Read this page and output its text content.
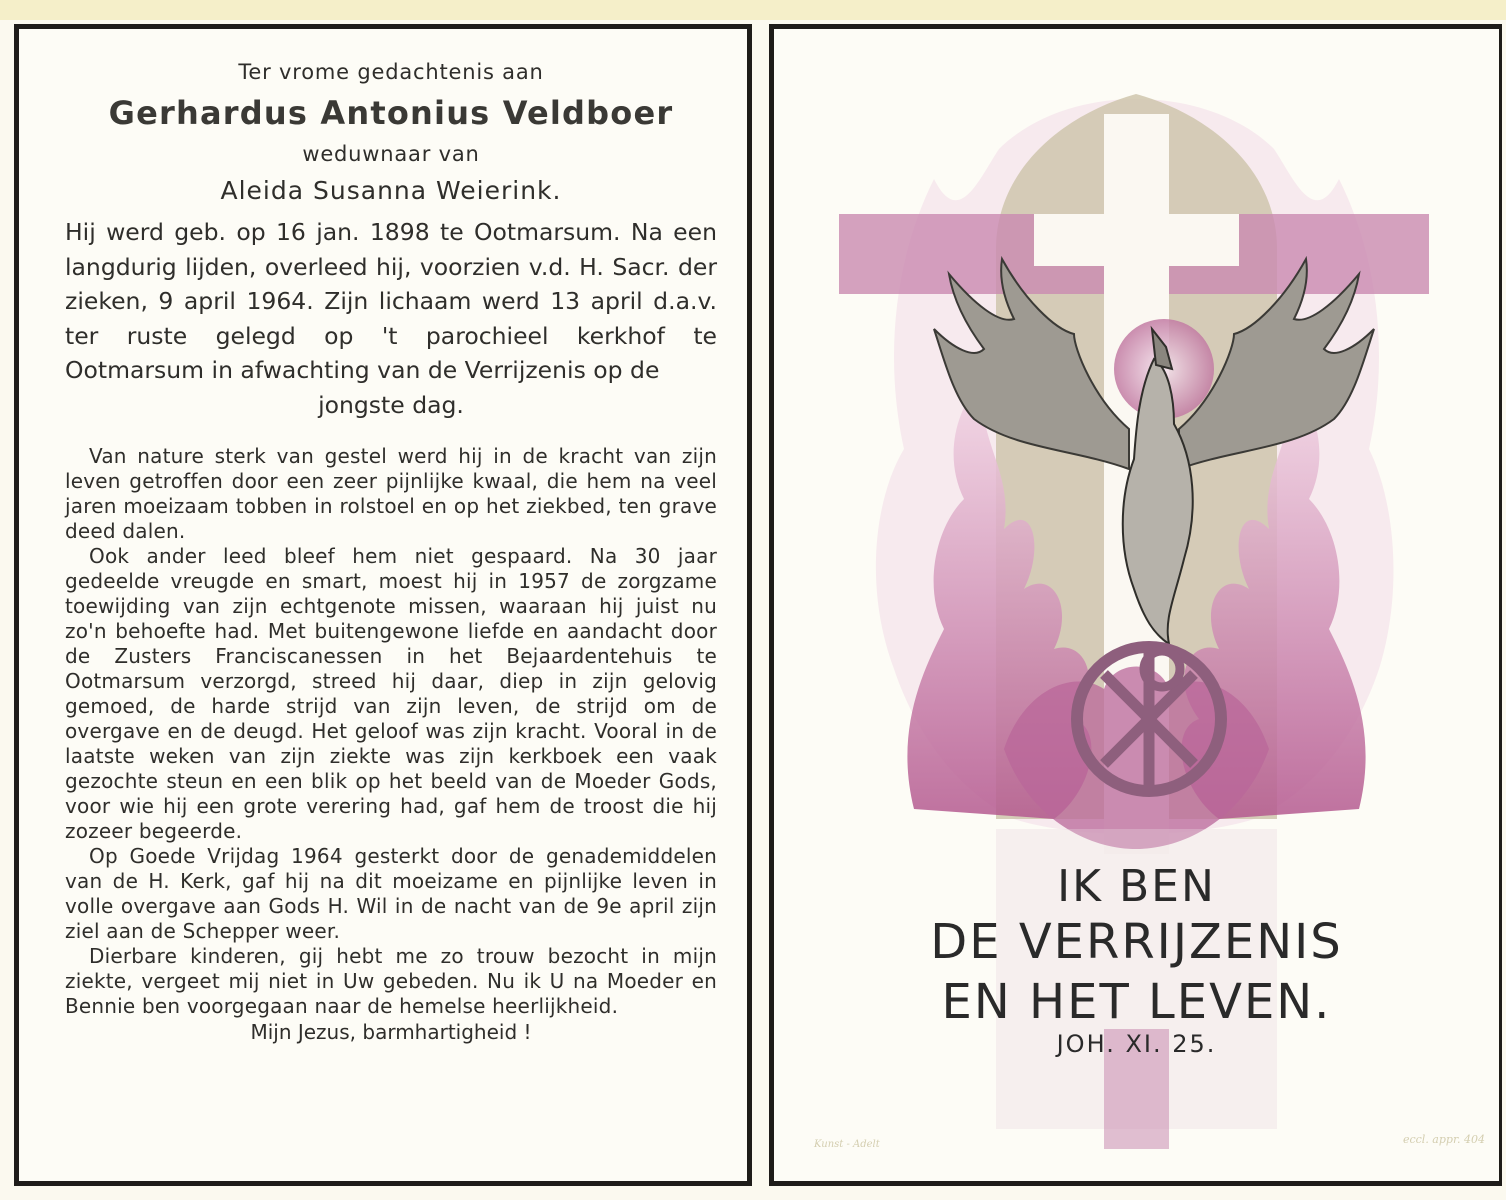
Ter vrome gedachtenis aan

Gerhardus Antonius Veldboer

weduwnaar van

Aleida Susanna Weierink.

Hij werd geb. op 16 jan. 1898 te Ootmarsum. Na een langdurig lijden, overleed hij, voorzien v.d. H. Sacr. der zieken, 9 april 1964. Zijn lichaam werd 13 april d.a.v. ter ruste gelegd op 't parochieel kerkhof te Ootmarsum in afwachting van de Verrijzenis op de

jongste dag.

Van nature sterk van gestel werd hij in de kracht van zijn leven getroffen door een zeer pijnlijke kwaal, die hem na veel jaren moeizaam tobben in rolstoel en op het ziekbed, ten grave deed dalen.

Ook ander leed bleef hem niet gespaard. Na 30 jaar gedeelde vreugde en smart, moest hij in 1957 de zorgzame toewijding van zijn echtgenote missen, waaraan hij juist nu zo'n behoefte had. Met buitengewone liefde en aandacht door de Zusters Franciscanessen in het Bejaardentehuis te Ootmarsum verzorgd, streed hij daar, diep in zijn gelovig gemoed, de harde strijd van zijn leven, de strijd om de overgave en de deugd. Het geloof was zijn kracht. Vooral in de laatste weken van zijn ziekte was zijn kerkboek een vaak gezochte steun en een blik op het beeld van de Moeder Gods, voor wie hij een grote verering had, gaf hem de troost die hij zozeer begeerde.

Op Goede Vrijdag 1964 gesterkt door de genademiddelen van de H. Kerk, gaf hij na dit moeizame en pijnlijke leven in volle overgave aan Gods H. Wil in de nacht van de 9e april zijn ziel aan de Schepper weer.

Dierbare kinderen, gij hebt me zo trouw bezocht in mijn ziekte, vergeet mij niet in Uw gebeden. Nu ik U na Moeder en Bennie ben voorgegaan naar de hemelse heerlijkheid.

Mijn Jezus, barmhartigheid !

IK BEN
DE VERRIJZENIS
EN HET LEVEN.
JOH. XI. 25.
Kunst - Adelt	eccl. appr. 404
